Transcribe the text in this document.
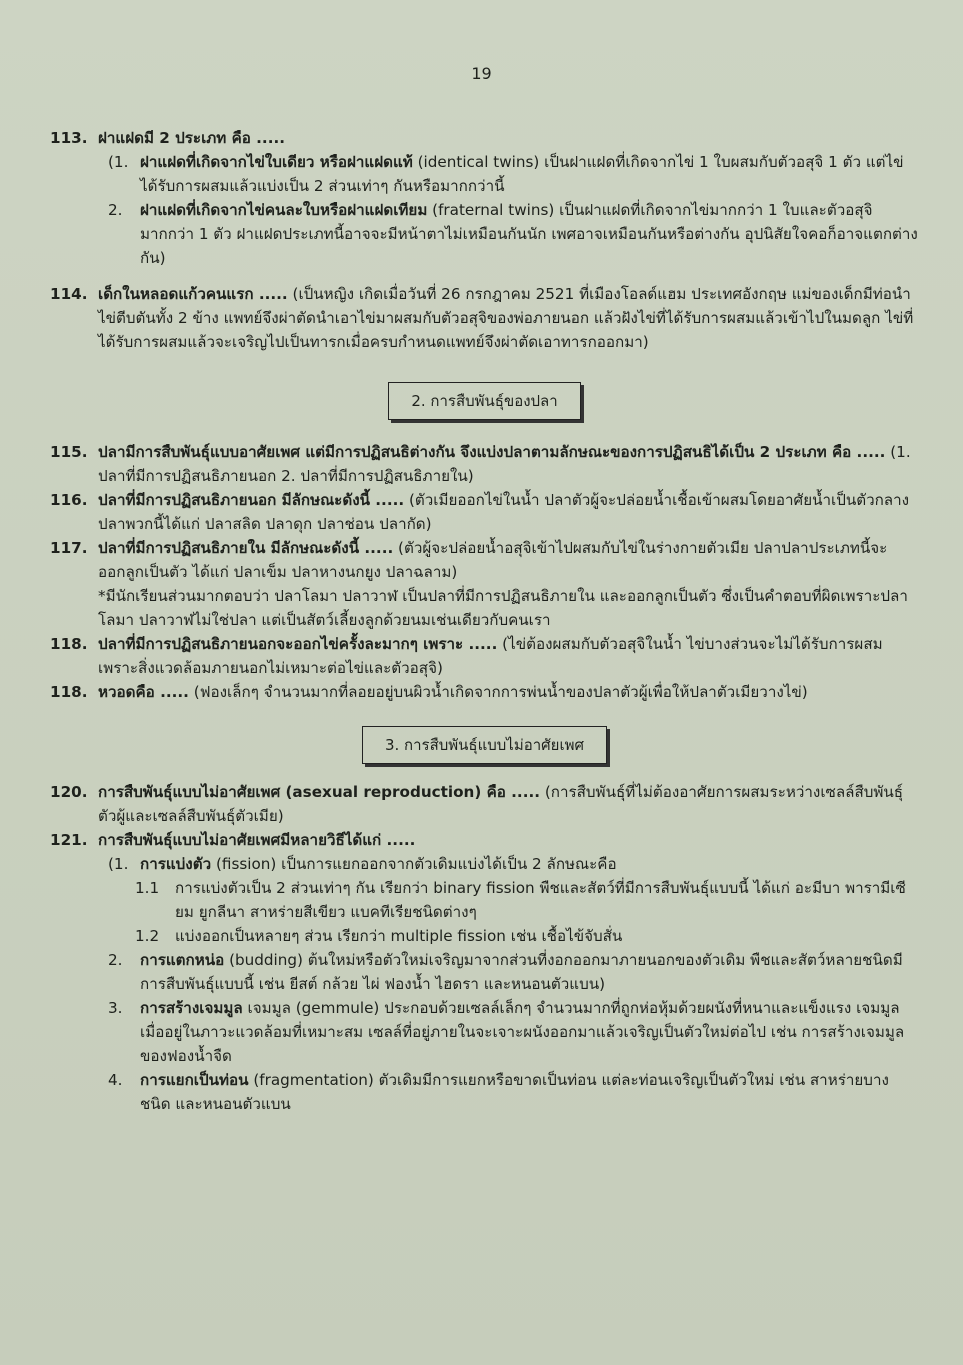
19

113. ฝาแฝดมี 2 ประเภท คือ .....

(1. ฝาแฝดที่เกิดจากไข่ใบเดียว หรือฝาแฝดแท้ (identical twins) เป็นฝาแฝดที่เกิดจากไข่ 1 ใบผสมกับตัวอสุจิ 1 ตัว แต่ไข่ได้รับการผสมแล้วแบ่งเป็น 2 ส่วนเท่าๆ กันหรือมากกว่านี้

2. ฝาแฝดที่เกิดจากไข่คนละใบหรือฝาแฝดเทียม (fraternal twins) เป็นฝาแฝดที่เกิดจากไข่มากกว่า 1 ใบและตัวอสุจิมากกว่า 1 ตัว ฝาแฝดประเภทนี้อาจจะมีหน้าตาไม่เหมือนกันนัก เพศอาจเหมือนกันหรือต่างกัน อุปนิสัยใจคอก็อาจแตกต่างกัน)

114. เด็กในหลอดแก้วคนแรก ..... (เป็นหญิง เกิดเมื่อวันที่ 26 กรกฎาคม 2521 ที่เมืองโอลด์แฮม ประเทศอังกฤษ แม่ของเด็กมีท่อนำไข่ตีบตันทั้ง 2 ข้าง แพทย์จึงผ่าตัดนำเอาไข่มาผสมกับตัวอสุจิของพ่อภายนอก แล้วฝังไข่ที่ได้รับการผสมแล้วเข้าไปในมดลูก ไข่ที่ได้รับการผสมแล้วจะเจริญไปเป็นทารกเมื่อครบกำหนดแพทย์จึงผ่าตัดเอาทารกออกมา)

2. การสืบพันธุ์ของปลา

115. ปลามีการสืบพันธุ์แบบอาศัยเพศ แต่มีการปฏิสนธิต่างกัน จึงแบ่งปลาตามลักษณะของการปฏิสนธิได้เป็น 2 ประเภท คือ ..... (1. ปลาที่มีการปฏิสนธิภายนอก 2. ปลาที่มีการปฏิสนธิภายใน)

116. ปลาที่มีการปฏิสนธิภายนอก มีลักษณะดังนี้ ..... (ตัวเมียออกไข่ในน้ำ ปลาตัวผู้จะปล่อยน้ำเชื้อเข้าผสมโดยอาศัยน้ำเป็นตัวกลาง ปลาพวกนี้ได้แก่ ปลาสลิด ปลาดุก ปลาช่อน ปลากัด)

117. ปลาที่มีการปฏิสนธิภายใน มีลักษณะดังนี้ ..... (ตัวผู้จะปล่อยน้ำอสุจิเข้าไปผสมกับไข่ในร่างกายตัวเมีย ปลาปลาประเภทนี้จะออกลูกเป็นตัว ได้แก่ ปลาเข็ม ปลาหางนกยูง ปลาฉลาม)

*มีนักเรียนส่วนมากตอบว่า ปลาโลมา ปลาวาฬ เป็นปลาที่มีการปฏิสนธิภายใน และออกลูกเป็นตัว ซึ่งเป็นคำตอบที่ผิดเพราะปลาโลมา ปลาวาฬไม่ใช่ปลา แต่เป็นสัตว์เลี้ยงลูกด้วยนมเช่นเดียวกับคนเรา

118. ปลาที่มีการปฏิสนธิภายนอกจะออกไข่ครั้งละมากๆ เพราะ ..... (ไข่ต้องผสมกับตัวอสุจิในน้ำ ไข่บางส่วนจะไม่ได้รับการผสม เพราะสิ่งแวดล้อมภายนอกไม่เหมาะต่อไข่และตัวอสุจิ)

118. หวอดคือ ..... (ฟองเล็กๆ จำนวนมากที่ลอยอยู่บนผิวน้ำเกิดจากการพ่นน้ำของปลาตัวผู้เพื่อให้ปลาตัวเมียวางไข่)

3. การสืบพันธุ์แบบไม่อาศัยเพศ

120. การสืบพันธุ์แบบไม่อาศัยเพศ (asexual reproduction) คือ ..... (การสืบพันธุ์ที่ไม่ต้องอาศัยการผสมระหว่างเซลล์สืบพันธุ์ตัวผู้และเซลล์สืบพันธุ์ตัวเมีย)

121. การสืบพันธุ์แบบไม่อาศัยเพศมีหลายวิธีได้แก่ .....

(1. การแบ่งตัว (fission) เป็นการแยกออกจากตัวเดิมแบ่งได้เป็น 2 ลักษณะคือ

1.1 การแบ่งตัวเป็น 2 ส่วนเท่าๆ กัน เรียกว่า binary fission พืชและสัตว์ที่มีการสืบพันธุ์แบบนี้ ได้แก่ อะมีบา พารามีเซียม ยูกลีนา สาหร่ายสีเขียว แบคทีเรียชนิดต่างๆ

1.2 แบ่งออกเป็นหลายๆ ส่วน เรียกว่า multiple fission เช่น เชื้อไข้จับสั่น

2. การแตกหน่อ (budding) ต้นใหม่หรือตัวใหม่เจริญมาจากส่วนที่งอกออกมาภายนอกของตัวเดิม พืชและสัตว์หลายชนิดมีการสืบพันธุ์แบบนี้ เช่น ยีสต์ กล้วย ไผ่ ฟองน้ำ ไฮดรา และหนอนตัวแบน)

3. การสร้างเจมมูล เจมมูล (gemmule) ประกอบด้วยเซลล์เล็กๆ จำนวนมากที่ถูกห่อหุ้มด้วยผนังที่หนาและแข็งแรง เจมมูลเมื่ออยู่ในภาวะแวดล้อมที่เหมาะสม เซลล์ที่อยู่ภายในจะเจาะผนังออกมาแล้วเจริญเป็นตัวใหม่ต่อไป เช่น การสร้างเจมมูลของฟองน้ำจืด

4. การแยกเป็นท่อน (fragmentation) ตัวเดิมมีการแยกหรือขาดเป็นท่อน แต่ละท่อนเจริญเป็นตัวใหม่ เช่น สาหร่ายบางชนิด และหนอนตัวแบน
